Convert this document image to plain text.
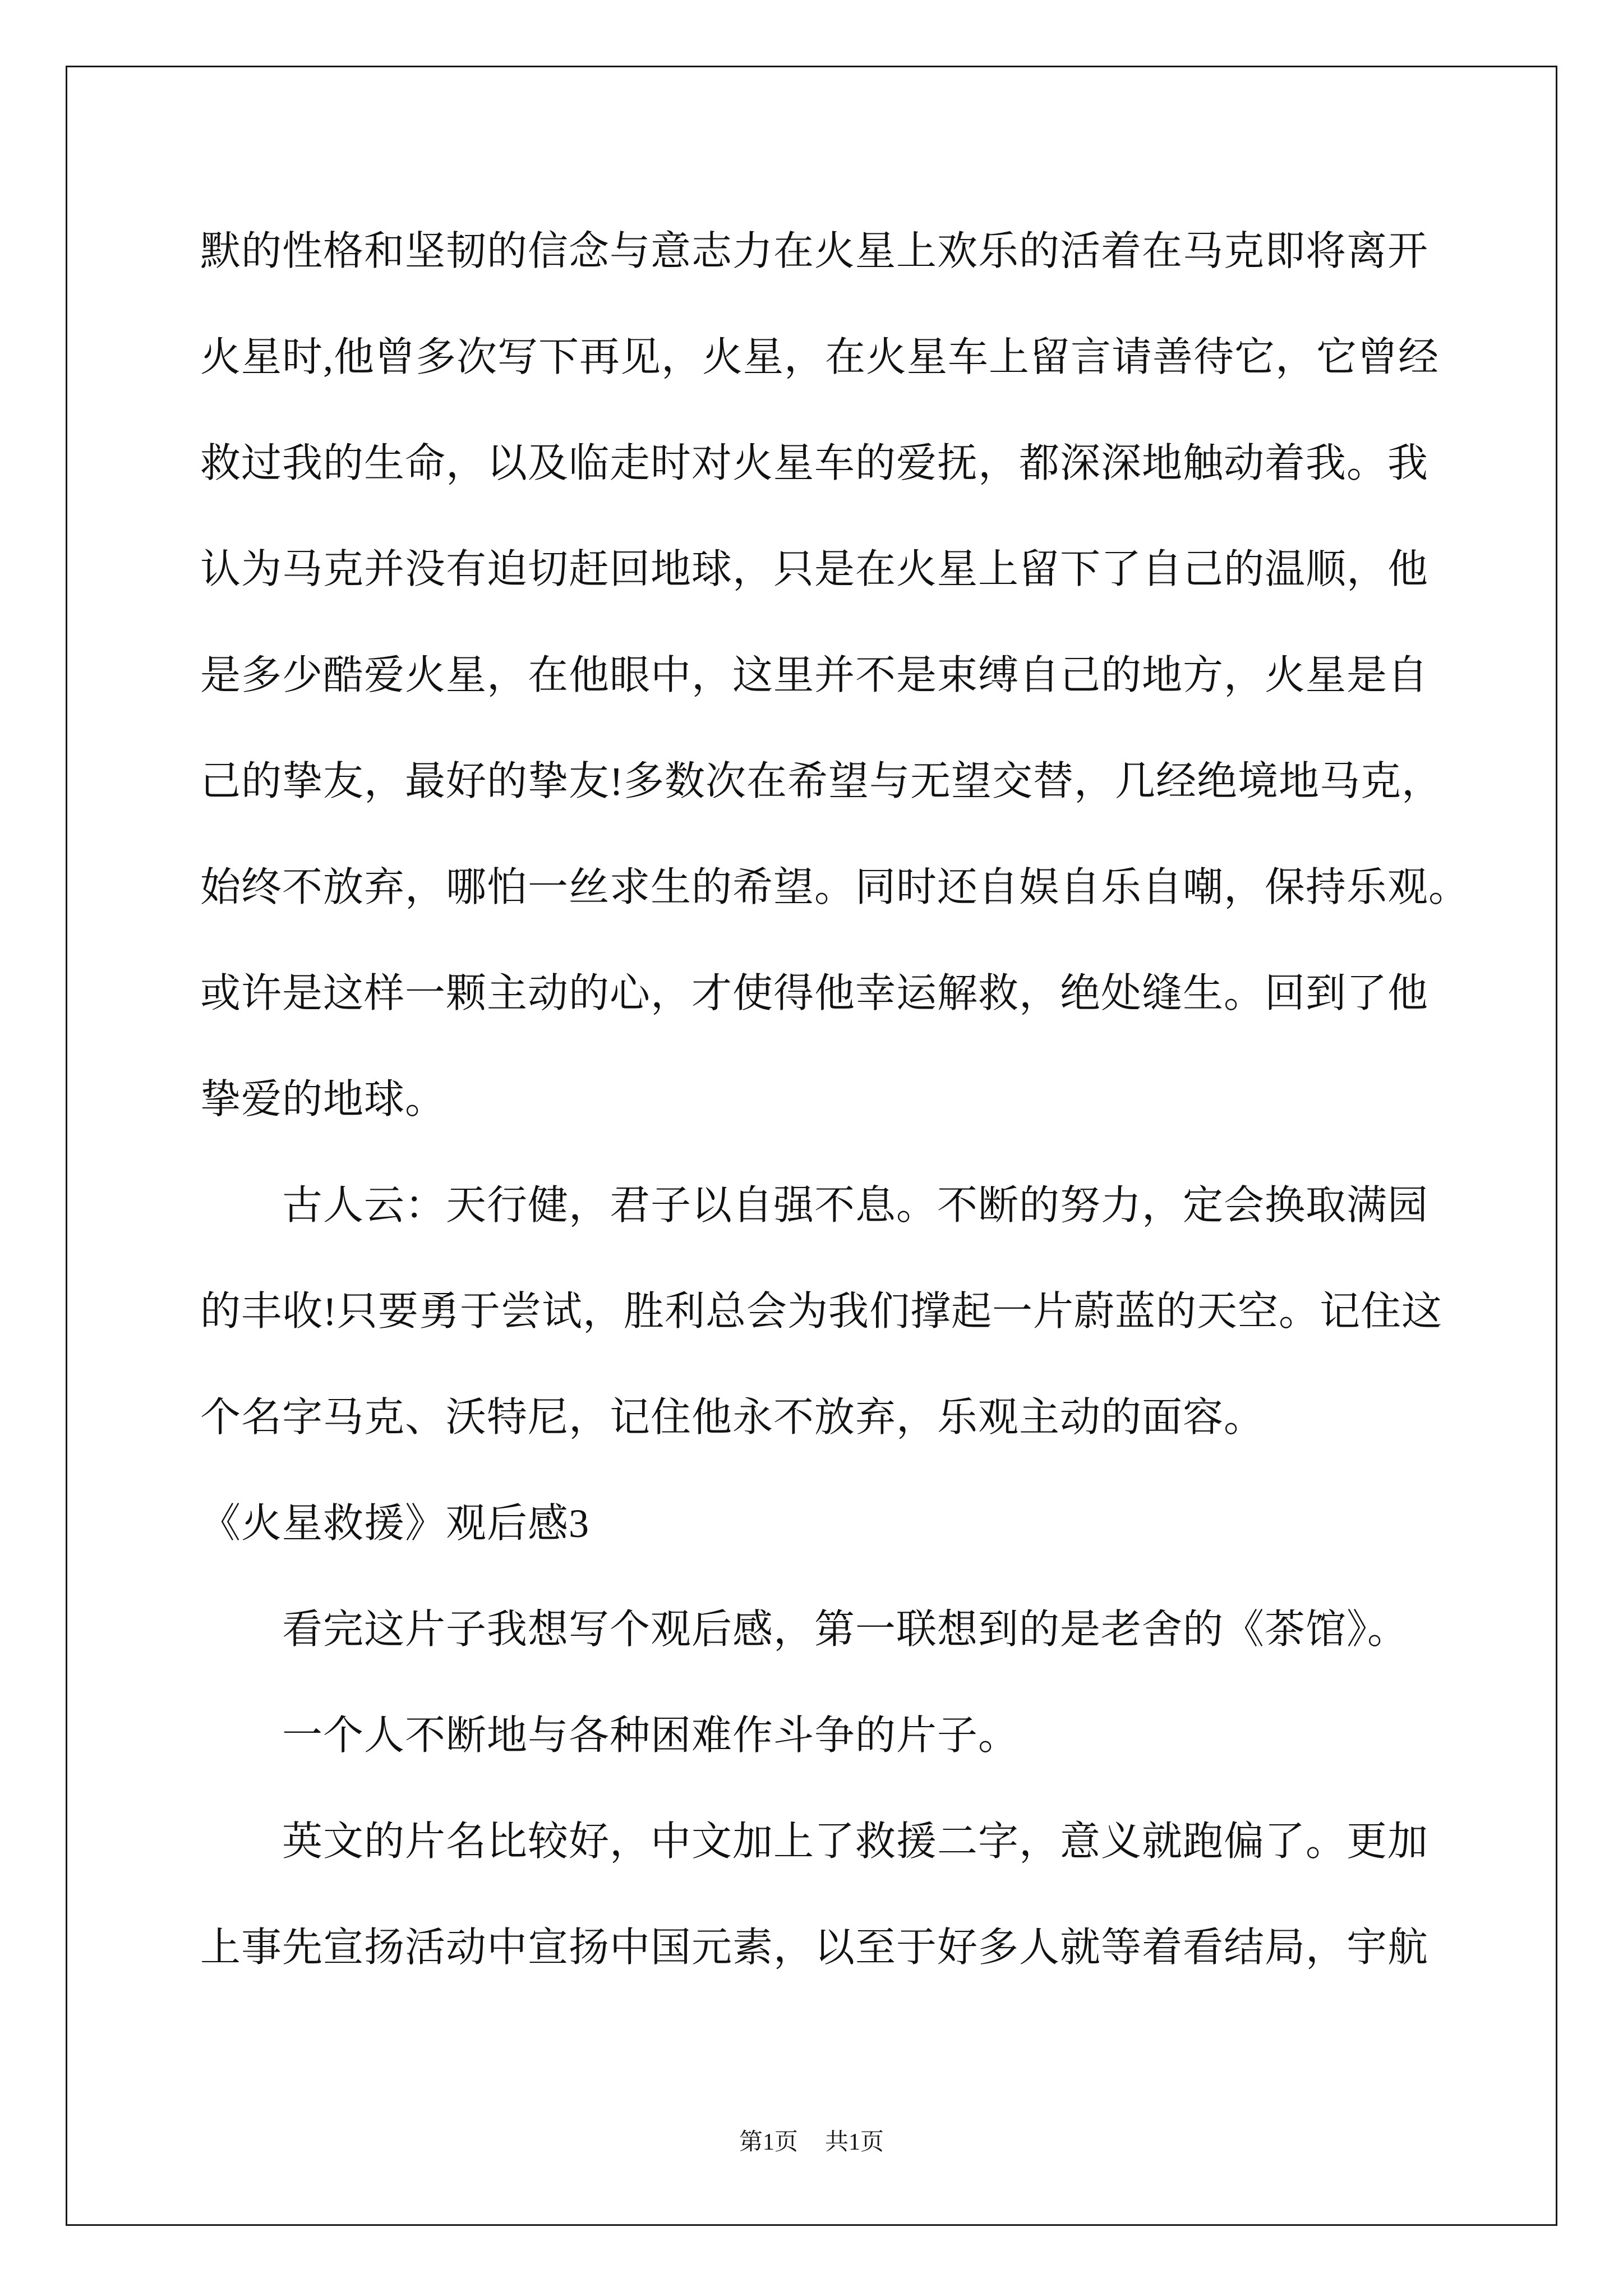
默的性格和坚韧的信念与意志力在火星上欢乐的活着在马克即将离开
火星时,他曾多次写下再见，火星，在火星车上留言请善待它，它曾经
救过我的生命，以及临走时对火星车的爱抚，都深深地触动着我。我
认为马克并没有迫切赶回地球，只是在火星上留下了自己的温顺，他
是多少酷爱火星，在他眼中，这里并不是束缚自己的地方，火星是自
己的挚友，最好的挚友!多数次在希望与无望交替，几经绝境地马克，
始终不放弃，哪怕一丝求生的希望。同时还自娱自乐自嘲，保持乐观。
或许是这样一颗主动的心，才使得他幸运解救，绝处缝生。回到了他
挚爱的地球。
古人云：天行健，君子以自强不息。不断的努力，定会换取满园
的丰收!只要勇于尝试，胜利总会为我们撑起一片蔚蓝的天空。记住这
个名字马克、沃特尼，记住他永不放弃，乐观主动的面容。
《火星救援》观后感3
看完这片子我想写个观后感，第一联想到的是老舍的《茶馆》。
一个人不断地与各种困难作斗争的片子。
英文的片名比较好，中文加上了救援二字，意义就跑偏了。更加
上事先宣扬活动中宣扬中国元素，以至于好多人就等着看结局，宇航
第1页 共1页
